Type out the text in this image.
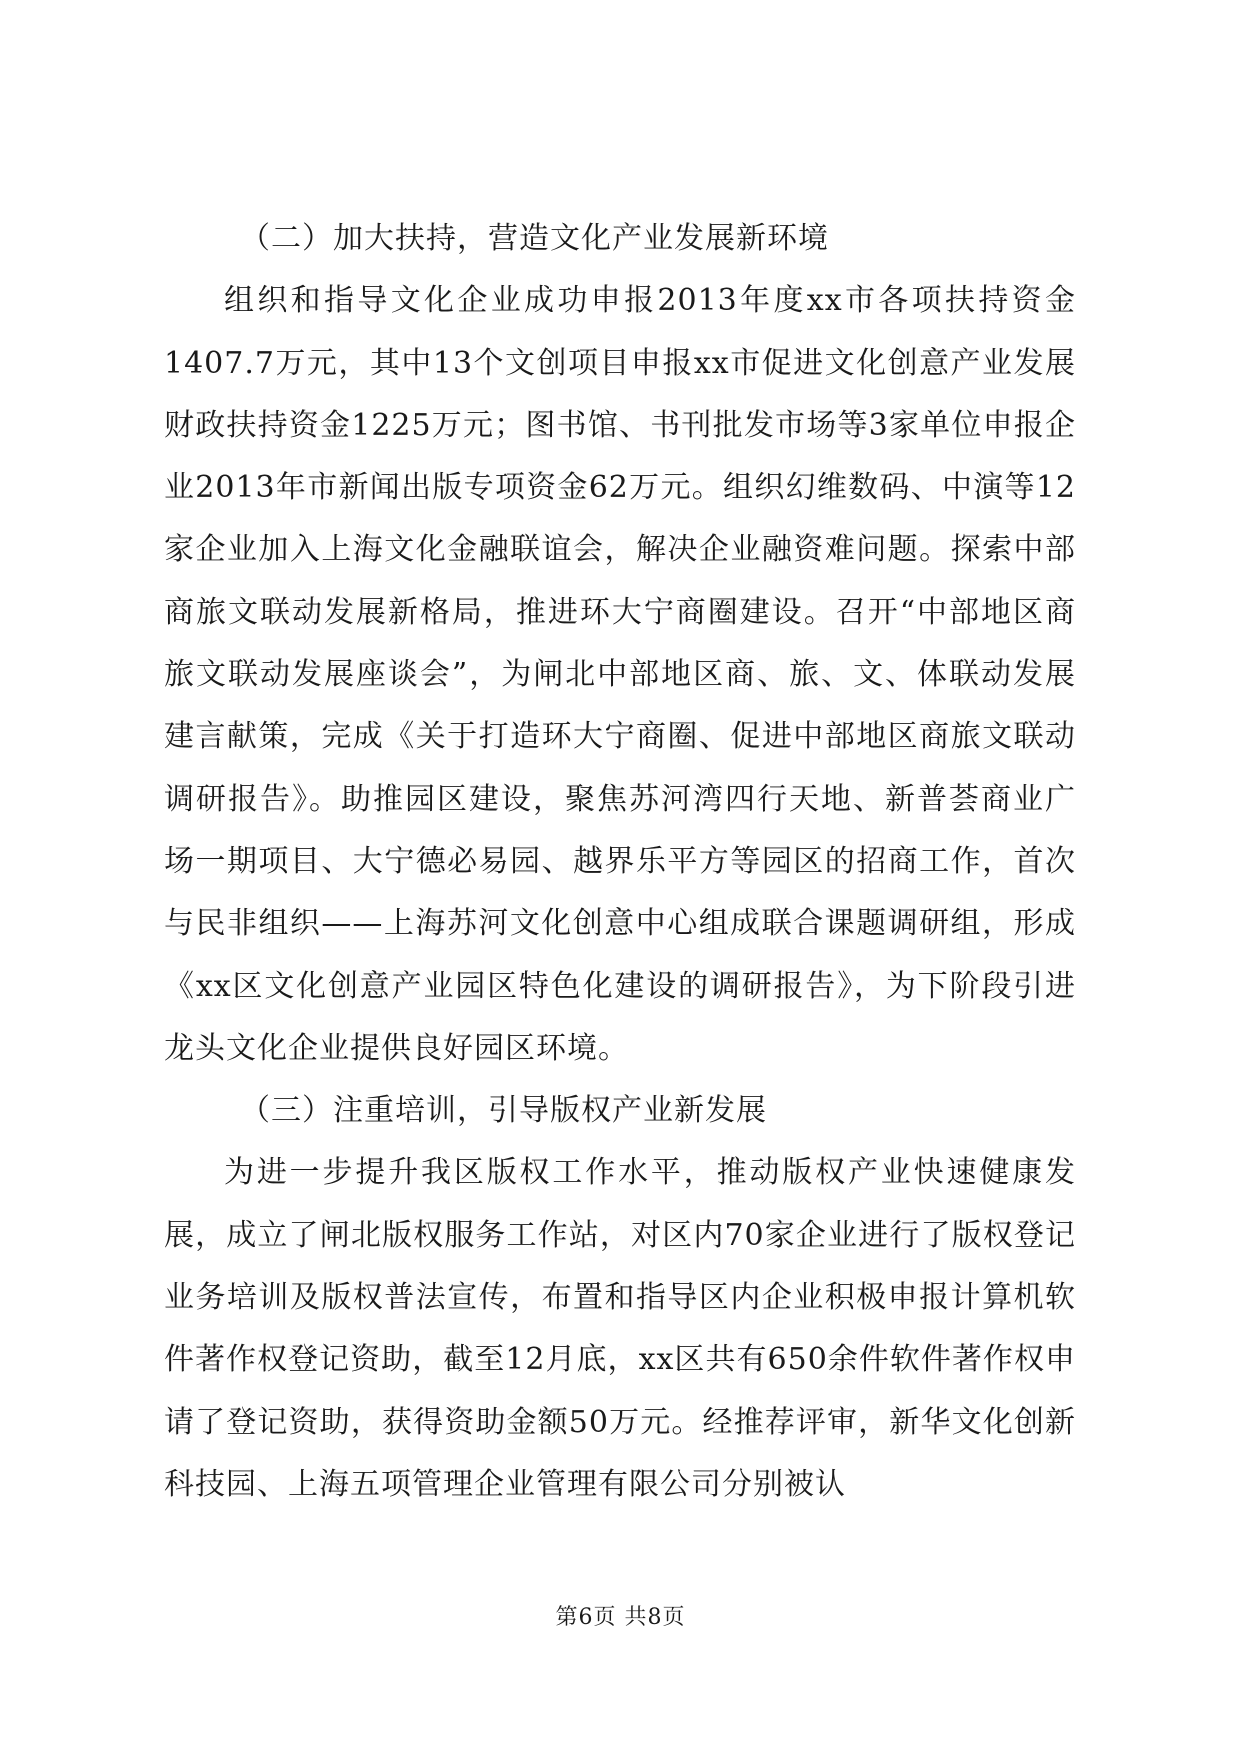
（二）加大扶持，营造文化产业发展新环境

组织和指导文化企业成功申报2013年度xx市各项扶持资金1407.7万元，其中13个文创项目申报xx市促进文化创意产业发展财政扶持资金1225万元；图书馆、书刊批发市场等3家单位申报企业2013年市新闻出版专项资金62万元。组织幻维数码、中演等12家企业加入上海文化金融联谊会，解决企业融资难问题。探索中部商旅文联动发展新格局，推进环大宁商圈建设。召开“中部地区商旅文联动发展座谈会”，为闸北中部地区商、旅、文、体联动发展建言献策，完成《关于打造环大宁商圈、促进中部地区商旅文联动调研报告》。助推园区建设，聚焦苏河湾四行天地、新普荟商业广场一期项目、大宁德必易园、越界乐平方等园区的招商工作，首次与民非组织——上海苏河文化创意中心组成联合课题调研组，形成《xx区文化创意产业园区特色化建设的调研报告》，为下阶段引进龙头文化企业提供良好园区环境。

（三）注重培训，引导版权产业新发展

为进一步提升我区版权工作水平，推动版权产业快速健康发展，成立了闸北版权服务工作站，对区内70家企业进行了版权登记业务培训及版权普法宣传，布置和指导区内企业积极申报计算机软件著作权登记资助，截至12月底，xx区共有650余件软件著作权申请了登记资助，获得资助金额50万元。经推荐评审，新华文化创新科技园、上海五项管理企业管理有限公司分别被认

第6页 共8页
